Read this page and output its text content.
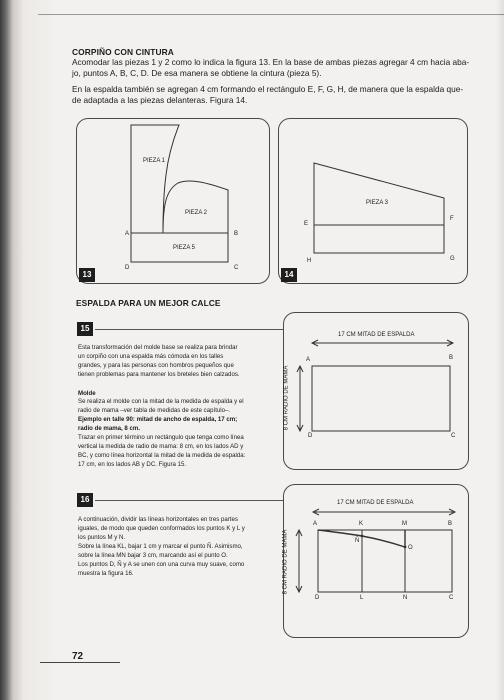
CORPIÑO CON CINTURA
Acomodar las piezas 1 y 2 como lo indica la figura 13. En la base de ambas piezas agregar 4 cm hacia aba-
jo, puntos A, B, C, D. De esa manera se obtiene la cintura (pieza 5).
En la espalda también se agregan 4 cm formando el rectángulo E, F, G, H, de manera que la espalda que-
de adaptada a las piezas delanteras. Figura 14.
PIEZA 1
PIEZA 2
PIEZA 5
A	B
D	C
13
PIEZA 3
E
F
G
H
14
ESPALDA PARA UN MEJOR CALCE
15
Esta transformación del molde base se realiza para brindar
un corpiño con una espalda más cómoda en los talles
grandes, y para las personas con hombros pequeños que
tienen problemas para mantener los breteles bien calzados.
Molde
Se realiza el molde con la mitad de la medida de espalda y el
radio de mama –ver tabla de medidas de este capítulo–.
Ejemplo en talle 90: mitad de ancho de espalda, 17 cm;
radio de mama, 8 cm.
Trazar en primer término un rectángulo que tenga como línea
vertical la medida de radio de mama: 8 cm, en los lados AD y
BC, y como línea horizontal la mitad de la medida de espalda:
17 cm, en los lados AB y DC. Figura 15.
17 CM MITAD DE ESPALDA
8 CM RADIO DE MAMA
A	B
D	C
16
A continuación, dividir las líneas horizontales en tres partes
iguales, de modo que queden conformados los puntos K y L y
los puntos M y N.
Sobre la línea KL, bajar 1 cm y marcar el punto Ñ. Asimismo,
sobre la línea MN bajar 3 cm, marcando así el punto O.
Los puntos D, Ñ y A se unen con una curva muy suave, como
muestra la figura 16.
17 CM MITAD DE ESPALDA
8 CM RADIO DE MAMA
A	K	M	B
Ñ
O
D	L	N	C
72
